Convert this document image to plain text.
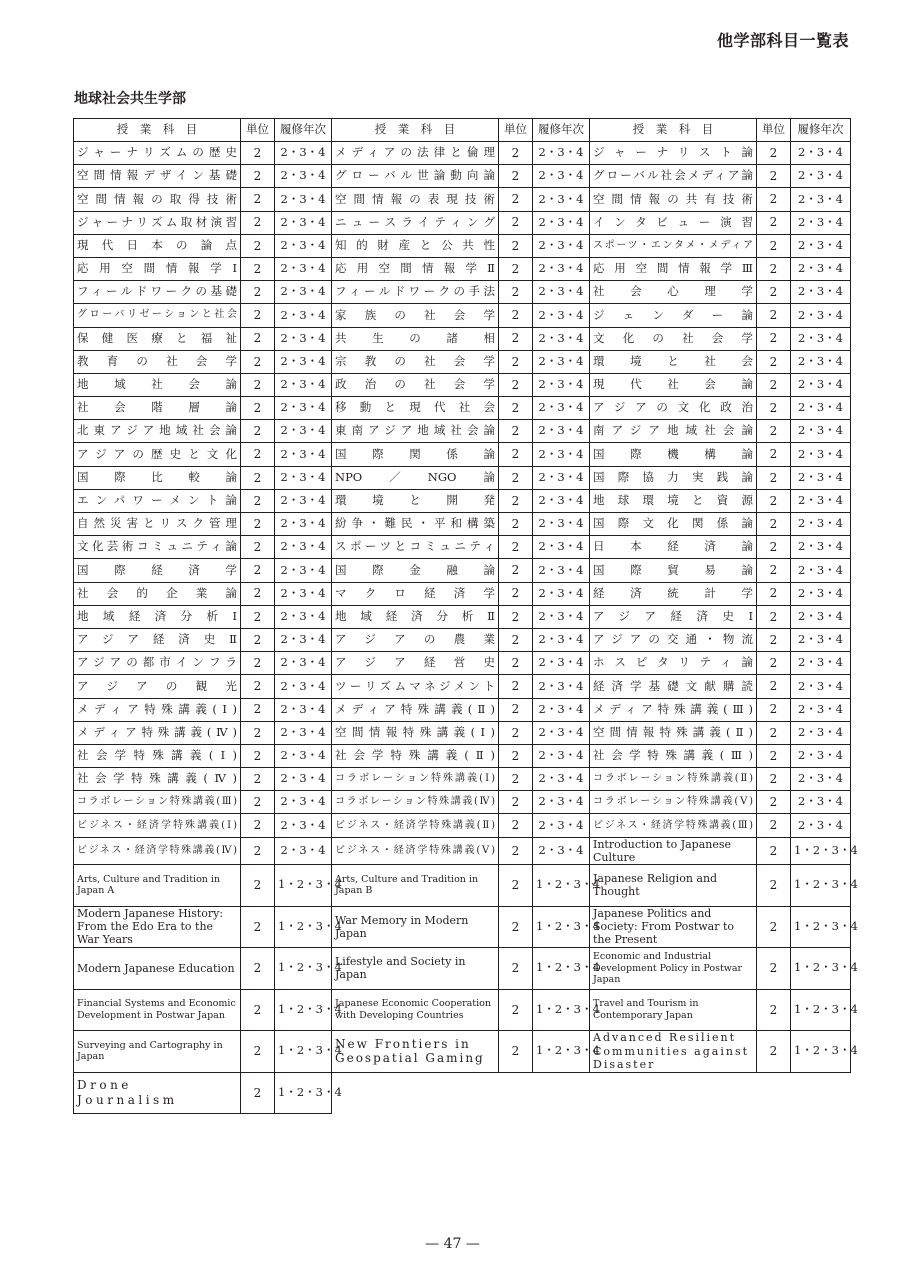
他学部科目一覧表
地球社会共生学部
授　業　科　目	単位	履修年次	授　業　科　目	単位	履修年次	授　業　科　目	単位	履修年次
ジャーナリズムの歴史	2	2・3・4	メディアの法律と倫理	2	2・3・4	ジャーナリスト論	2	2・3・4
空間情報デザイン基礎	2	2・3・4	グローバル世論動向論	2	2・3・4	グローバル社会メディア論	2	2・3・4
空間情報の取得技術	2	2・3・4	空間情報の表現技術	2	2・3・4	空間情報の共有技術	2	2・3・4
ジャーナリズム取材演習	2	2・3・4	ニュースライティング	2	2・3・4	インタビュー演習	2	2・3・4
現代日本の論点	2	2・3・4	知的財産と公共性	2	2・3・4	スポーツ・エンタメ・メディア	2	2・3・4
応用空間情報学Ⅰ	2	2・3・4	応用空間情報学Ⅱ	2	2・3・4	応用空間情報学Ⅲ	2	2・3・4
フィールドワークの基礎	2	2・3・4	フィールドワークの手法	2	2・3・4	社会心理学	2	2・3・4
グローバリゼーションと社会	2	2・3・4	家族の社会学	2	2・3・4	ジェンダー論	2	2・3・4
保健医療と福祉	2	2・3・4	共生の諸相	2	2・3・4	文化の社会学	2	2・3・4
教育の社会学	2	2・3・4	宗教の社会学	2	2・3・4	環境と社会	2	2・3・4
地域社会論	2	2・3・4	政治の社会学	2	2・3・4	現代社会論	2	2・3・4
社会階層論	2	2・3・4	移動と現代社会	2	2・3・4	アジアの文化政治	2	2・3・4
北東アジア地域社会論	2	2・3・4	東南アジア地域社会論	2	2・3・4	南アジア地域社会論	2	2・3・4
アジアの歴史と文化	2	2・3・4	国際関係論	2	2・3・4	国際機構論	2	2・3・4
国際比較論	2	2・3・4	NPO／NGO論	2	2・3・4	国際協力実践論	2	2・3・4
エンパワーメント論	2	2・3・4	環境と開発	2	2・3・4	地球環境と資源	2	2・3・4
自然災害とリスク管理	2	2・3・4	紛争・難民・平和構築	2	2・3・4	国際文化関係論	2	2・3・4
文化芸術コミュニティ論	2	2・3・4	スポーツとコミュニティ	2	2・3・4	日本経済論	2	2・3・4
国際経済学	2	2・3・4	国際金融論	2	2・3・4	国際貿易論	2	2・3・4
社会的企業論	2	2・3・4	マクロ経済学	2	2・3・4	経済統計学	2	2・3・4
地域経済分析Ⅰ	2	2・3・4	地域経済分析Ⅱ	2	2・3・4	アジア経済史Ⅰ	2	2・3・4
アジア経済史Ⅱ	2	2・3・4	アジアの農業	2	2・3・4	アジアの交通・物流	2	2・3・4
アジアの都市インフラ	2	2・3・4	アジア経営史	2	2・3・4	ホスピタリティ論	2	2・3・4
アジアの観光	2	2・3・4	ツーリズムマネジメント	2	2・3・4	経済学基礎文献購読	2	2・3・4
メディア特殊講義(Ⅰ)	2	2・3・4	メディア特殊講義(Ⅱ)	2	2・3・4	メディア特殊講義(Ⅲ)	2	2・3・4
メディア特殊講義(Ⅳ)	2	2・3・4	空間情報特殊講義(Ⅰ)	2	2・3・4	空間情報特殊講義(Ⅱ)	2	2・3・4
社会学特殊講義(Ⅰ)	2	2・3・4	社会学特殊講義(Ⅱ)	2	2・3・4	社会学特殊講義(Ⅲ)	2	2・3・4
社会学特殊講義(Ⅳ)	2	2・3・4	コラボレーション特殊講義(Ⅰ)	2	2・3・4	コラボレーション特殊講義(Ⅱ)	2	2・3・4
コラボレーション特殊講義(Ⅲ)	2	2・3・4	コラボレーション特殊講義(Ⅳ)	2	2・3・4	コラボレーション特殊講義(Ⅴ)	2	2・3・4
ビジネス・経済学特殊講義(Ⅰ)	2	2・3・4	ビジネス・経済学特殊講義(Ⅱ)	2	2・3・4	ビジネス・経済学特殊講義(Ⅲ)	2	2・3・4
ビジネス・経済学特殊講義(Ⅳ)	2	2・3・4	ビジネス・経済学特殊講義(Ⅴ)	2	2・3・4	Introduction to Japanese Culture	2	1・2・3・4
Arts, Culture and Tradition in Japan A	2	1・2・3・4	Arts, Culture and Tradition in Japan B	2	1・2・3・4	Japanese Religion and Thought	2	1・2・3・4
Modern Japanese History: From the Edo Era to the War Years	2	1・2・3・4	War Memory in Modern Japan	2	1・2・3・4	Japanese Politics and Society: From Postwar to the Present	2	1・2・3・4
Modern Japanese Education	2	1・2・3・4	Lifestyle and Society in Japan	2	1・2・3・4	Economic and Industrial Development Policy in Postwar Japan	2	1・2・3・4
Financial Systems and Economic Development in Postwar Japan	2	1・2・3・4	Japanese Economic Cooperation with Developing Countries	2	1・2・3・4	Travel and Tourism in Contemporary Japan	2	1・2・3・4
Surveying and Cartography in Japan	2	1・2・3・4	New Frontiers in Geospatial Gaming	2	1・2・3・4	Advanced Resilient Communities against Disaster	2	1・2・3・4
Drone Journalism	2	1・2・3・4						
— 47 —
